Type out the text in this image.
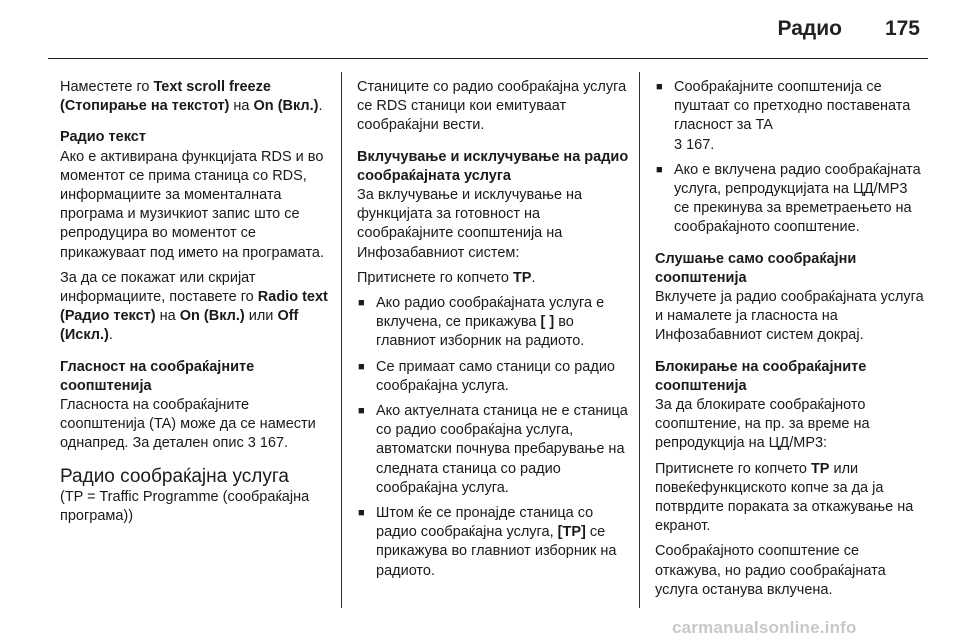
Радио 175

Наместете го Text scroll freeze (Стопирање на текстот) на On (Вкл.).

Радио текст

Ако е активирана функцијата RDS и во моментот се прима станица со RDS, информациите за моменталната програма и музичкиот запис што се репродуцира во моментот се прикажуваат под името на програмата.

За да се покажат или скријат информациите, поставете го Radio text (Радио текст) на On (Вкл.) или Off (Искл.).

Гласност на сообраќајните соопштенија

Гласноста на сообраќајните соопштенија (TA) може да се намести однапред. За детален опис 3 167.

Радио сообраќајна услуга

(TP = Traffic Programme (сообраќајна програма))

Станиците со радио сообраќајна услуга се RDS станици кои емитуваат сообраќајни вести.

Вклучување и исклучување на радио сообраќајната услуга

За вклучување и исклучување на функцијата за готовност на сообраќајните соопштенија на Инфозабавниот систем:

Притиснете го копчето TP.

■ Ако радио сообраќајната услуга е вклучена, се прикажува [ ] во главниот изборник на радиото.
■ Се примаат само станици со радио сообраќајна услуга.
■ Ако актуелната станица не е станица со радио сообраќајна услуга, автоматски почнува пребарување на следната станица со радио сообраќајна услуга.
■ Штом ќе се пронајде станица со радио сообраќајна услуга, [TP] се прикажува во главниот изборник на радиото.
■ Сообраќајните соопштенија се пуштаат со претходно поставената гласност за TA
3 167.
■ Ако е вклучена радио сообраќајната услуга, репродукцијата на ЦД/MP3 се прекинува за времетраењето на сообраќајното соопштение.

Слушање само сообраќајни соопштенија

Вклучете ја радио сообраќајната услуга и намалете ја гласноста на Инфозабавниот систем докрај.

Блокирање на сообраќајните соопштенија

За да блокирате сообраќајното соопштение, на пр. за време на репродукција на ЦД/MP3:

Притиснете го копчето TP или повеќефункциското копче за да ја потврдите пораката за откажување на екранот.

Сообраќајното соопштение се откажува, но радио сообраќајната услуга останува вклучена.

carmanualsonline.info
